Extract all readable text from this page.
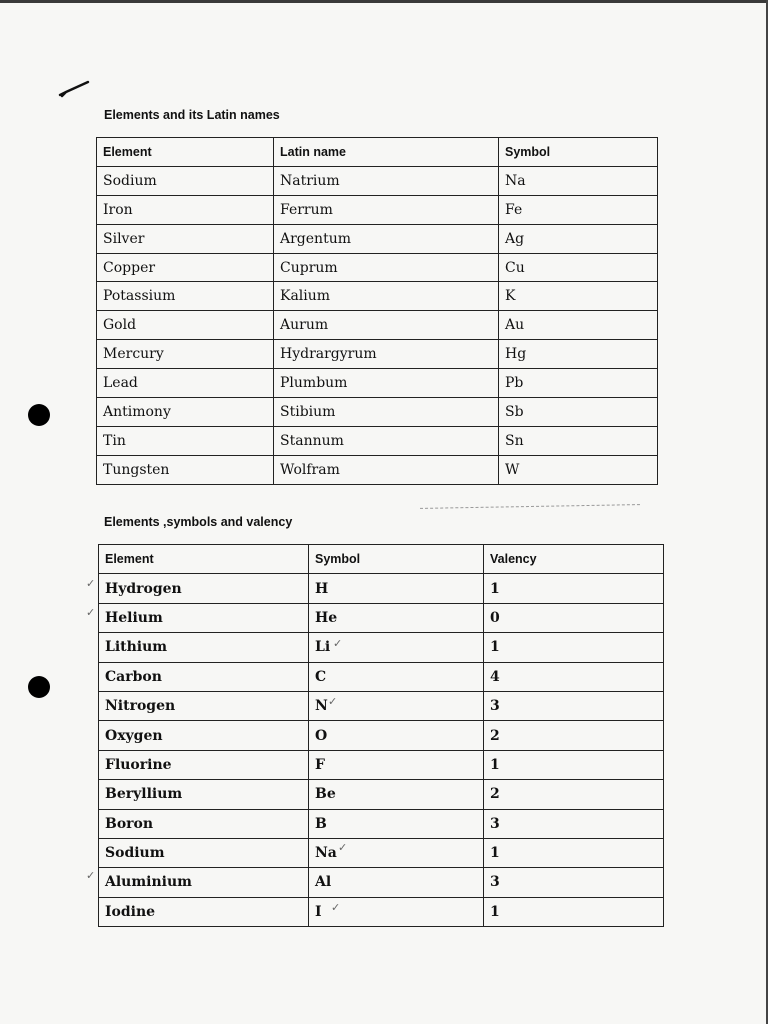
Elements and its Latin names
Element	Latin name	Symbol
Sodium	Natrium	Na
Iron	Ferrum	Fe
Silver	Argentum	Ag
Copper	Cuprum	Cu
Potassium	Kalium	K
Gold	Aurum	Au
Mercury	Hydrargyrum	Hg
Lead	Plumbum	Pb
Antimony	Stibium	Sb
Tin	Stannum	Sn
Tungsten	Wolfram	W
Elements ,symbols and valency
Element	Symbol	Valency
Hydrogen	H	1
Helium	He	0
Lithium	Li	1
Carbon	C	4
Nitrogen	N	3
Oxygen	O	2
Fluorine	F	1
Beryllium	Be	2
Boron	B	3
Sodium	Na	1
Aluminium	Al	3
Iodine	I	1
✓
✓
✓
✓
✓
✓
✓
